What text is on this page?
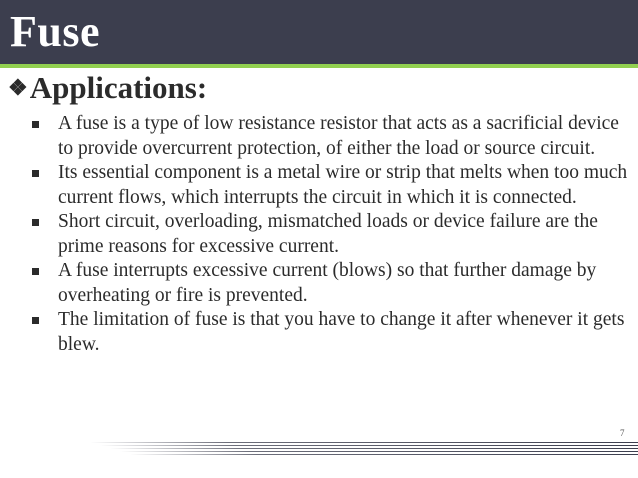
Fuse
❖ Applications:
A fuse is a type of low resistance resistor that acts as a sacrificial device to provide overcurrent protection, of either the load or source circuit.
Its essential component is a metal wire or strip that melts when too much current flows, which interrupts the circuit in which it is connected.
Short circuit, overloading, mismatched loads or device failure are the prime reasons for excessive current.
A fuse interrupts excessive current (blows) so that further damage by overheating or fire is prevented.
The limitation of fuse is that you have to change it after whenever it gets blew.
7
